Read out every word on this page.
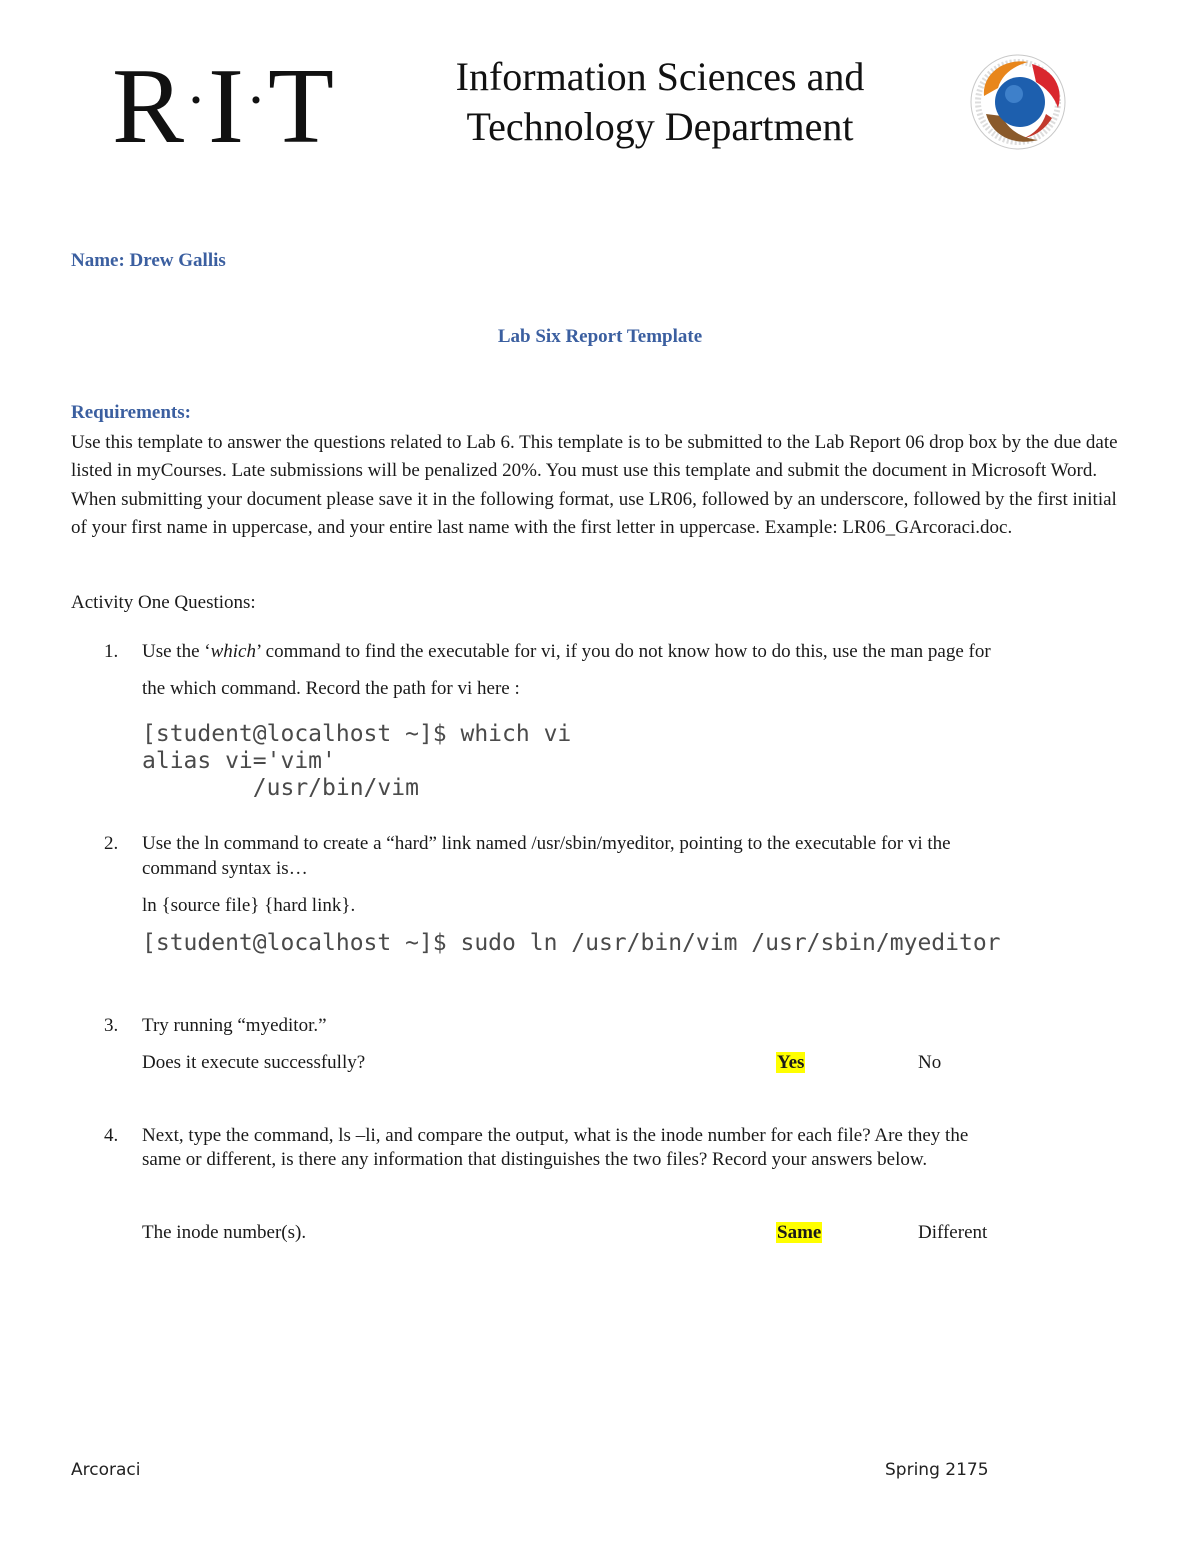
R·I·T	Information Sciences and
Technology Department
Name: Drew Gallis
Lab Six Report Template
Requirements:
Use this template to answer the questions related to Lab 6. This template is to be submitted to the Lab Report 06 drop box by the due date listed in myCourses. Late submissions will be penalized 20%. You must use this template and submit the document in Microsoft Word. When submitting your document please save it in the following format, use LR06, followed by an underscore, followed by the first initial of your first name in uppercase, and your entire last name with the first letter in uppercase. Example: LR06_GArcoraci.doc.
Activity One Questions:
1. Use the ‘which’ command to find the executable for vi, if you do not know how to do this, use the man page for
the which command. Record the path for vi here :
[student@localhost ~]$ which vi
alias vi='vim'
/usr/bin/vim
2. Use the ln command to create a “hard” link named /usr/sbin/myeditor, pointing to the executable for vi the
command syntax is…
ln {source file} {hard link}.
[student@localhost ~]$ sudo ln /usr/bin/vim /usr/sbin/myeditor
3. Try running “myeditor.”
Does it execute successfully?	Yes	No
4. Next, type the command, ls –li, and compare the output, what is the inode number for each file? Are they the
same or different, is there any information that distinguishes the two files? Record your answers below.
The inode number(s).	Same	Different
Arcoraci	Spring 2175
